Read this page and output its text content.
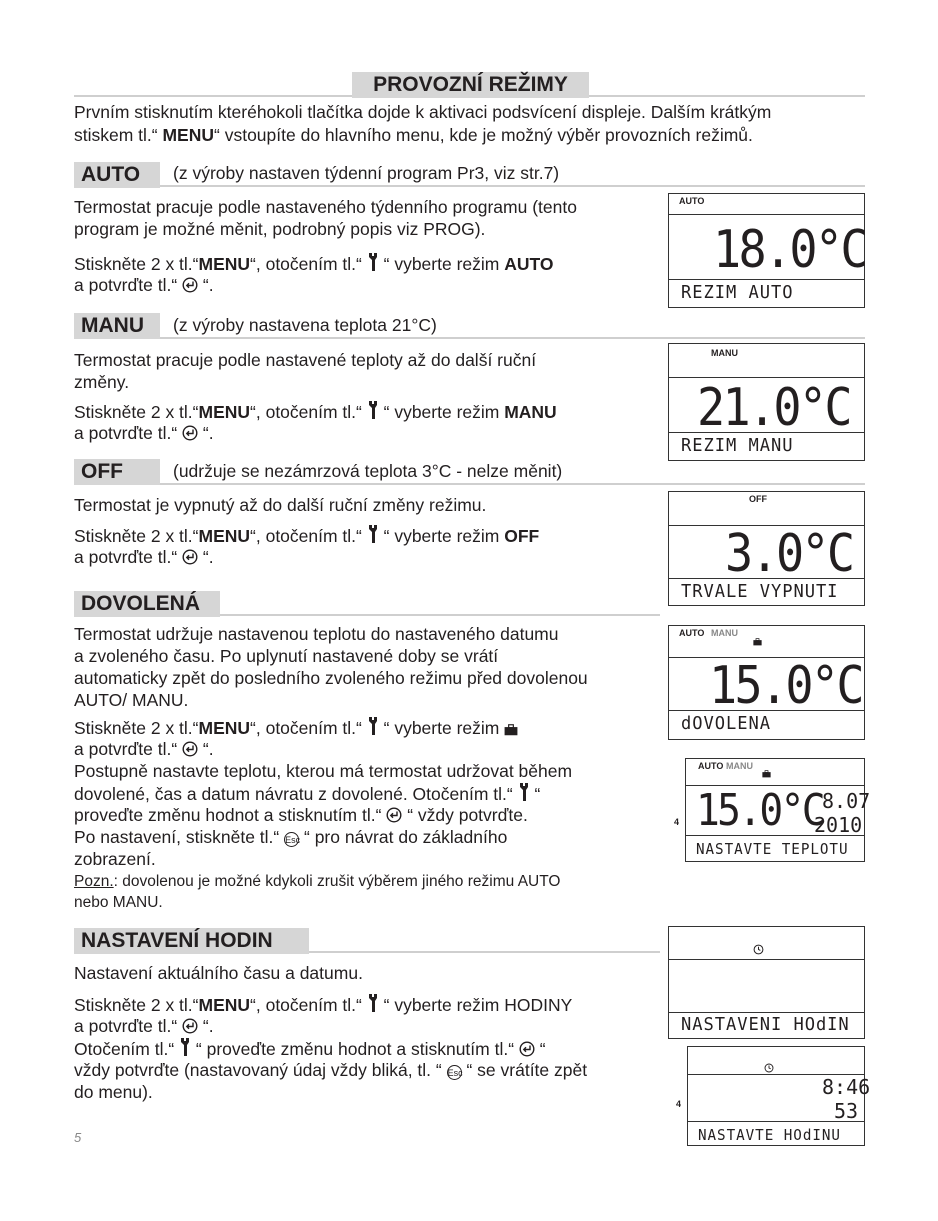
PROVOZNÍ REŽIMY
Prvním stisknutím kteréhokoli tlačítka dojde k aktivaci podsvícení displeje. Dalším krátkým
stiskem tl.“ MENU“ vstoupíte do hlavního menu, kde je možný výběr provozních režimů.
AUTO	(z výroby nastaven týdenní program Pr3, viz str.7)
Termostat pracuje podle nastaveného týdenního programu (tento
program je možné měnit, podrobný popis viz PROG).
Stiskněte 2 x tl.“MENU“, otočením tl.“ “ vyberte režim AUTO
a potvrďte tl.“ “.
AUTO
18.0°C
REZIM AUTO
MANU	(z výroby nastavena teplota 21°C)
Termostat pracuje podle nastavené teploty až do další ruční
změny.
Stiskněte 2 x tl.“MENU“, otočením tl.“ “ vyberte režim MANU
a potvrďte tl.“ “.
MANU
21.0°C
REZIM MANU
OFF	(udržuje se nezámrzová teplota 3°C - nelze měnit)
Termostat je vypnutý až do další ruční změny režimu.
Stiskněte 2 x tl.“MENU“, otočením tl.“ “ vyberte režim OFF
a potvrďte tl.“ “.
OFF
3.0°C
TRVALE VYPNUTI
DOVOLENÁ
Termostat udržuje nastavenou teplotu do nastaveného datumu
a zvoleného času. Po uplynutí nastavené doby se vrátí
automaticky zpět do posledního zvoleného režimu před dovolenou
AUTO/ MANU.
Stiskněte 2 x tl.“MENU“, otočením tl.“ “ vyberte režim
a potvrďte tl.“ “.
Postupně nastavte teplotu, kterou má termostat udržovat během
dovolené, čas a datum návratu z dovolené. Otočením tl.“ “
proveďte změnu hodnot a stisknutím tl.“ “ vždy potvrďte.
Po nastavení, stiskněte tl.“ Esc “ pro návrat do základního
zobrazení.
Pozn.: dovolenou je možné kdykoli zrušit výběrem jiného režimu AUTO
nebo MANU.
AUTO MANU
15.0°C
dOVOLENA
AUTO MANU
4 15.0°C 8.07
2010
NASTAVTE TEPLOTU
NASTAVENÍ HODIN
Nastavení aktuálního času a datumu.
Stiskněte 2 x tl.“MENU“, otočením tl.“ “ vyberte režim HODINY
a potvrďte tl.“ “.
Otočením tl.“ “ proveďte změnu hodnot a stisknutím tl.“ “
vždy potvrďte (nastavovaný údaj vždy bliká, tl. “ Esc “ se vrátíte zpět
do menu).
NASTAVENI HOdIN
4
8:46
53
NASTAVTE HOdINU
5
